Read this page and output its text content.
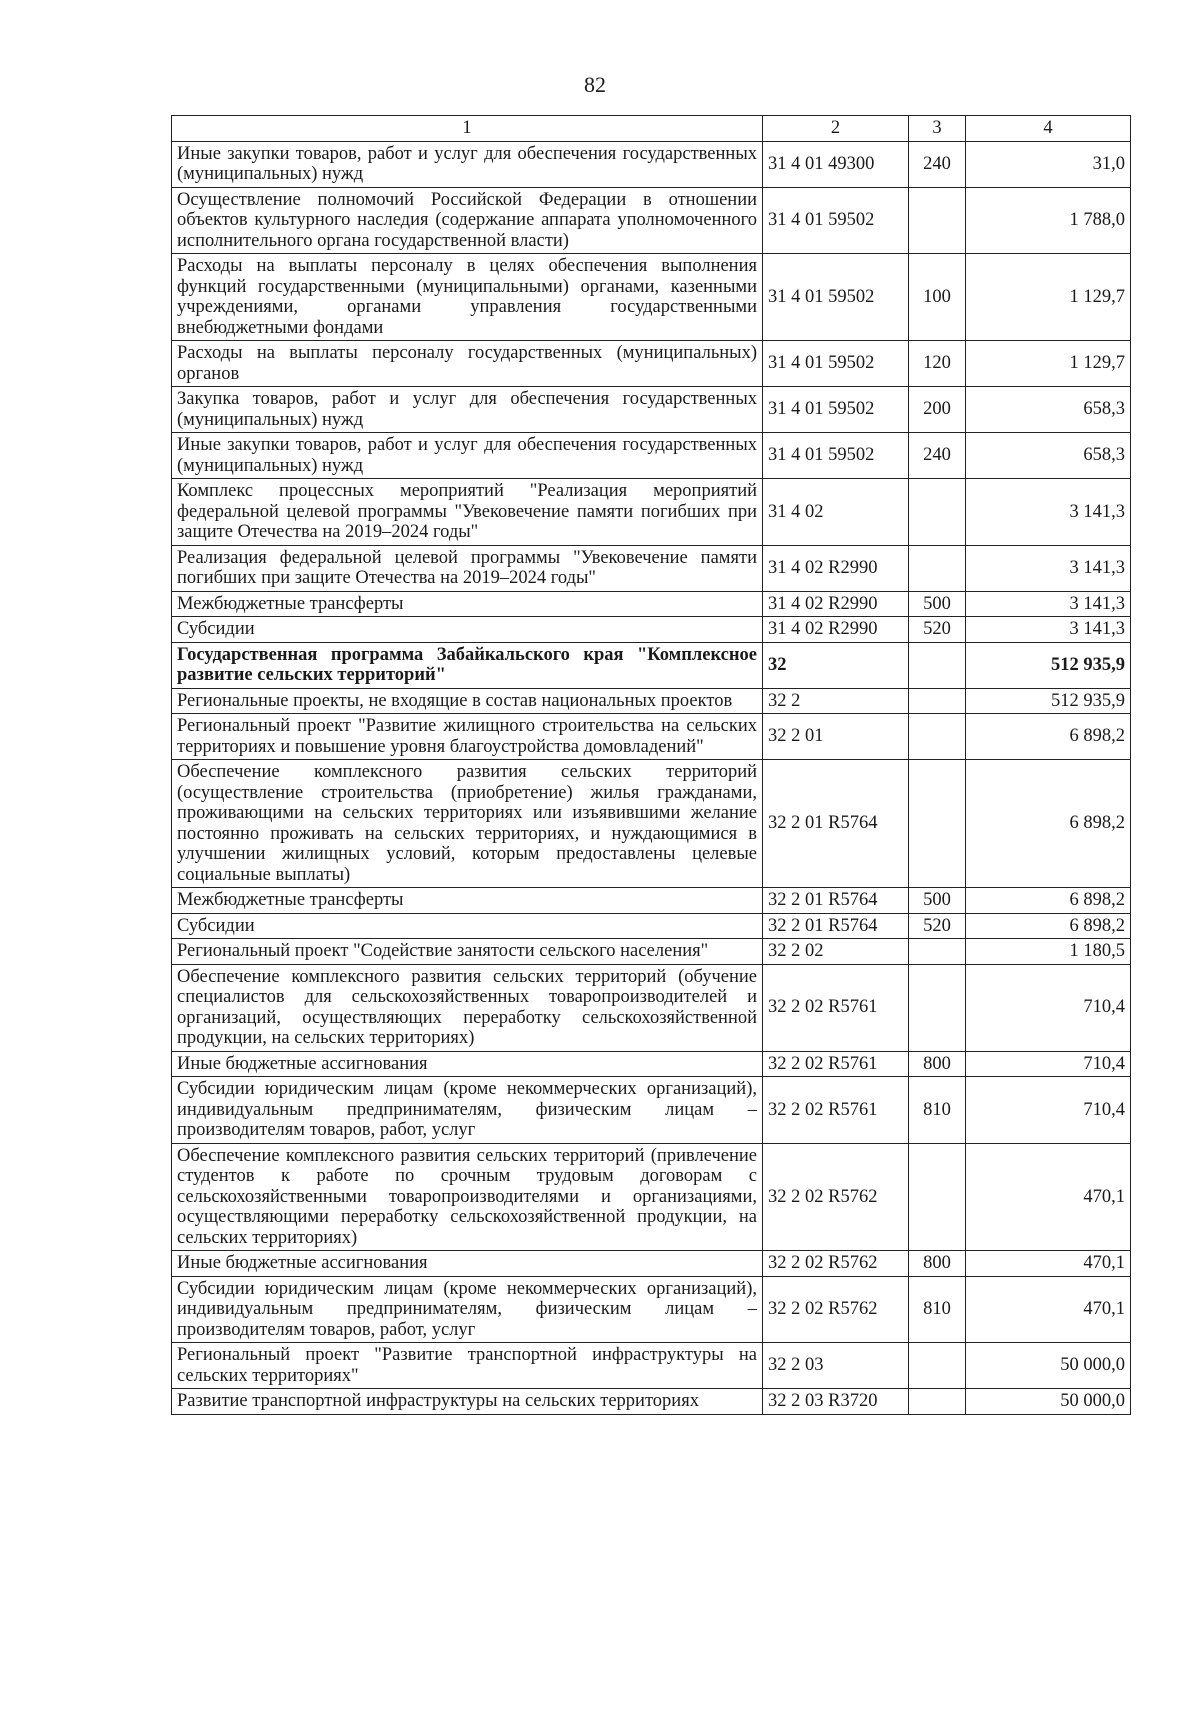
82
1	2	3	4
Иные закупки товаров, работ и услуг для обеспечения государственных (муниципальных) нужд	31 4 01 49300	240	31,0
Осуществление полномочий Российской Федерации в отношении объектов культурного наследия (содержание аппарата уполномоченного исполнительного органа государственной власти)	31 4 01 59502		1 788,0
Расходы на выплаты персоналу в целях обеспечения выполнения функций государственными (муниципальными) органами, казенными учреждениями, органами управления государственными внебюджетными фондами	31 4 01 59502	100	1 129,7
Расходы на выплаты персоналу государственных (муниципальных) органов	31 4 01 59502	120	1 129,7
Закупка товаров, работ и услуг для обеспечения государственных (муниципальных) нужд	31 4 01 59502	200	658,3
Иные закупки товаров, работ и услуг для обеспечения государственных (муниципальных) нужд	31 4 01 59502	240	658,3
Комплекс процессных мероприятий "Реализация мероприятий федеральной целевой программы "Увековечение памяти погибших при защите Отечества на 2019–2024 годы"	31 4 02		3 141,3
Реализация федеральной целевой программы "Увековечение памяти погибших при защите Отечества на 2019–2024 годы"	31 4 02 R2990		3 141,3
Межбюджетные трансферты	31 4 02 R2990	500	3 141,3
Субсидии	31 4 02 R2990	520	3 141,3
Государственная программа Забайкальского края "Комплексное развитие сельских территорий"	32		512 935,9
Региональные проекты, не входящие в состав национальных проектов	32 2		512 935,9
Региональный проект "Развитие жилищного строительства на сельских территориях и повышение уровня благоустройства домовладений"	32 2 01		6 898,2
Обеспечение комплексного развития сельских территорий (осуществление строительства (приобретение) жилья гражданами, проживающими на сельских территориях или изъявившими желание постоянно проживать на сельских территориях, и нуждающимися в улучшении жилищных условий, которым предоставлены целевые социальные выплаты)	32 2 01 R5764		6 898,2
Межбюджетные трансферты	32 2 01 R5764	500	6 898,2
Субсидии	32 2 01 R5764	520	6 898,2
Региональный проект "Содействие занятости сельского населения"	32 2 02		1 180,5
Обеспечение комплексного развития сельских территорий (обучение специалистов для сельскохозяйственных товаропроизводителей и организаций, осуществляющих переработку сельскохозяйственной продукции, на сельских территориях)	32 2 02 R5761		710,4
Иные бюджетные ассигнования	32 2 02 R5761	800	710,4
Субсидии юридическим лицам (кроме некоммерческих организаций), индивидуальным предпринимателям, физическим лицам – производителям товаров, работ, услуг	32 2 02 R5761	810	710,4
Обеспечение комплексного развития сельских территорий (привлечение студентов к работе по срочным трудовым договорам с сельскохозяйственными товаропроизводителями и организациями, осуществляющими переработку сельскохозяйственной продукции, на сельских территориях)	32 2 02 R5762		470,1
Иные бюджетные ассигнования	32 2 02 R5762	800	470,1
Субсидии юридическим лицам (кроме некоммерческих организаций), индивидуальным предпринимателям, физическим лицам – производителям товаров, работ, услуг	32 2 02 R5762	810	470,1
Региональный проект "Развитие транспортной инфраструктуры на сельских территориях"	32 2 03		50 000,0
Развитие транспортной инфраструктуры на сельских территориях	32 2 03 R3720		50 000,0
